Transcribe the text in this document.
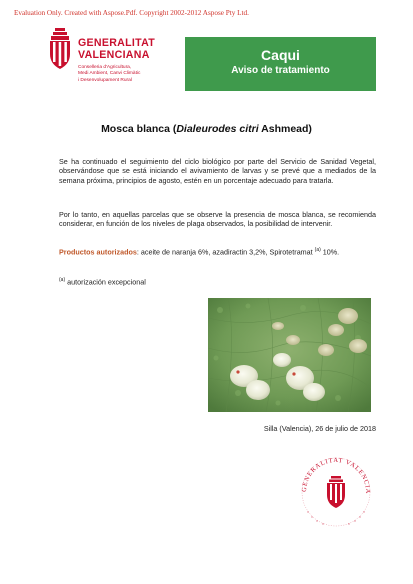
Evaluation Only. Created with Aspose.Pdf. Copyright 2002-2012 Aspose Pty Ltd.
GENERALITAT
VALENCIANA
Conselleria d'Agricultura,
Medi Ambient, Canvi Climàtic
i Desenvolupament Rural
Caqui
Aviso de tratamiento
Mosca blanca (Dialeurodes citri Ashmead)
Se ha continuado el seguimiento del ciclo biológico por parte del Servicio de Sanidad Vegetal, observándose que se está iniciando el avivamiento de larvas y se prevé que a mediados de la semana próxima, principios de agosto, estén en un porcentaje adecuado para tratarla.
Por lo tanto, en aquellas parcelas que se observe la presencia de mosca blanca, se recomienda considerar, en función de los niveles de plaga observados, la posibilidad de intervenir.
Productos autorizados: aceite de naranja 6%, azadiractin 3,2%, Spirotetramat $^{(a)}$ 10%.
$^{(a)}$ autorización excepcional
Silla (Valencia), 26 de julio de 2018
GENERALITAT VALENCIA
